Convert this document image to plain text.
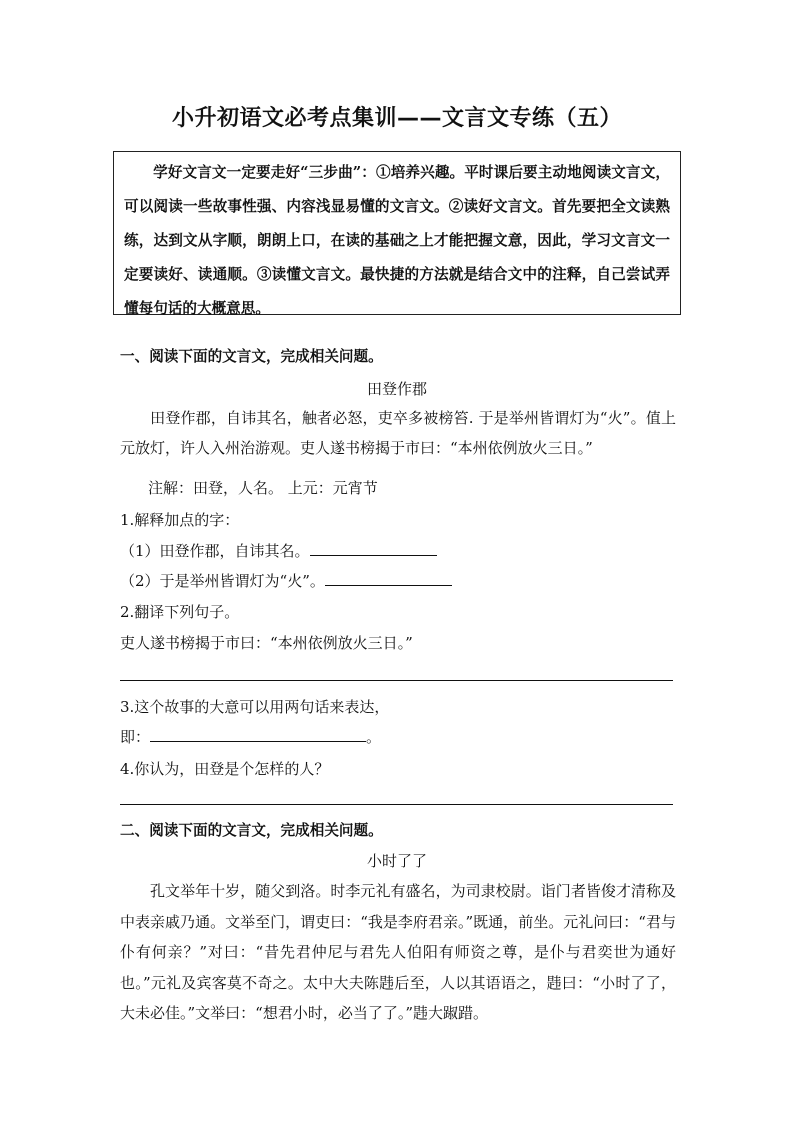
小升初语文必考点集训——文言文专练（五）
学好文言文一定要走好“三步曲”：①培养兴趣。平时课后要主动地阅读文言文，可以阅读一些故事性强、内容浅显易懂的文言文。②读好文言文。首先要把全文读熟练，达到文从字顺，朗朗上口，在读的基础之上才能把握文意，因此，学习文言文一定要读好、读通顺。③读懂文言文。最快捷的方法就是结合文中的注释，自己尝试弄懂每句话的大概意思。
一、阅读下面的文言文，完成相关问题。
田登作郡
田登作郡，自讳其名，触者必怒，吏卒多被榜笞. 于是举州皆谓灯为“火”。值上元放灯，许人入州治游观。吏人遂书榜揭于市曰：“本州依例放火三日。”
注解：田登，人名。 上元：元宵节
1.解释加点的字：
（1）田登作郡，自讳其名。
（2）于是举州皆谓灯为“火”。
2.翻译下列句子。
吏人遂书榜揭于市曰：“本州依例放火三日。”
3.这个故事的大意可以用两句话来表达，
即：	。
4.你认为，田登是个怎样的人？
二、阅读下面的文言文，完成相关问题。
小时了了
孔文举年十岁，随父到洛。时李元礼有盛名，为司隶校尉。诣门者皆俊才清称及中表亲戚乃通。文举至门，谓吏曰：“我是李府君亲。”既通，前坐。元礼问曰：“君与仆有何亲？”对曰：“昔先君仲尼与君先人伯阳有师资之尊，是仆与君奕世为通好也。”元礼及宾客莫不奇之。太中大夫陈韪后至，人以其语语之，韪曰：“小时了了，大未必佳。”文举曰：“想君小时，必当了了。”韪大踧踖。
